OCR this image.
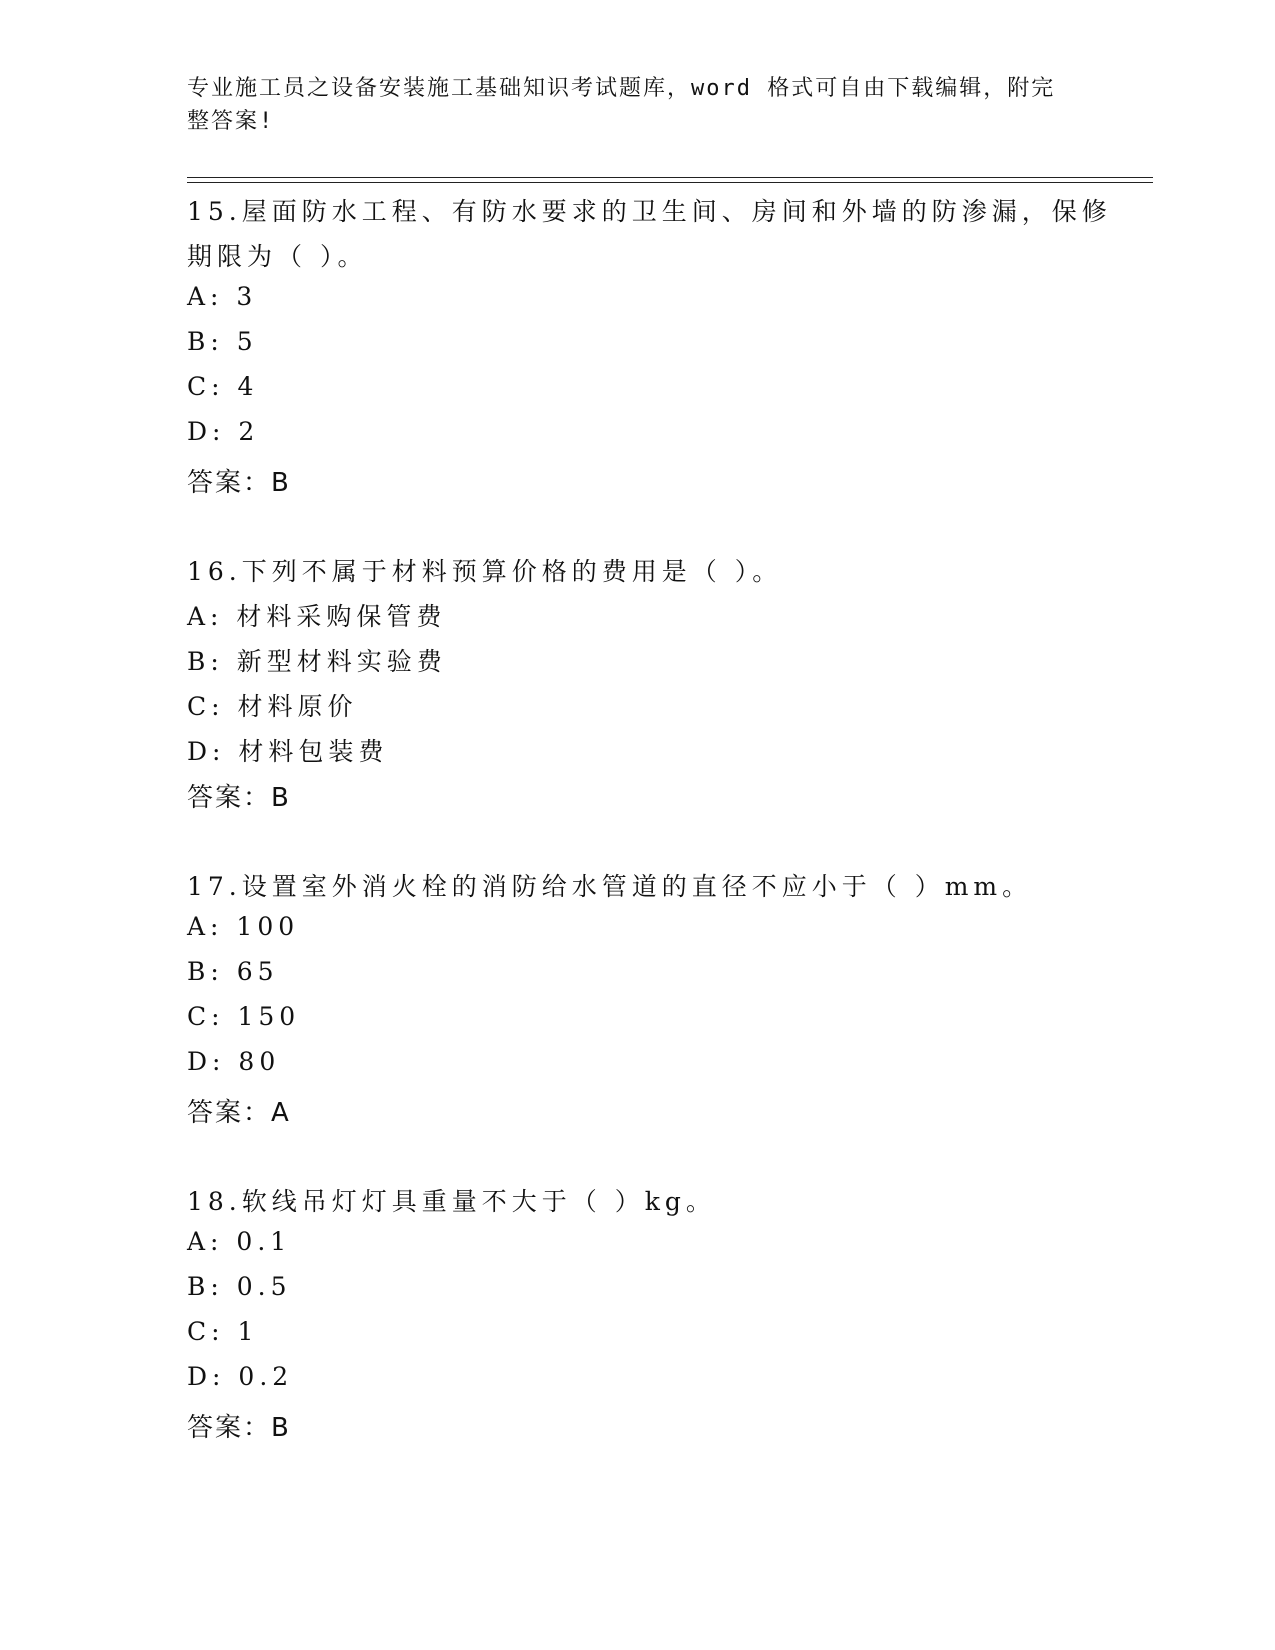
专业施工员之设备安装施工基础知识考试题库，word 格式可自由下载编辑，附完
整答案!
15.屋面防水工程、有防水要求的卫生间、房间和外墙的防渗漏，保修
期限为（ ）。
A: 3
B: 5
C: 4
D: 2
答案：B
16.下列不属于材料预算价格的费用是（ ）。
A: 材料采购保管费
B: 新型材料实验费
C: 材料原价
D: 材料包装费
答案：B
17.设置室外消火栓的消防给水管道的直径不应小于（ ）mm。
A: 100
B: 65
C: 150
D: 80
答案：A
18.软线吊灯灯具重量不大于（ ）kg。
A: 0.1
B: 0.5
C: 1
D: 0.2
答案：B
